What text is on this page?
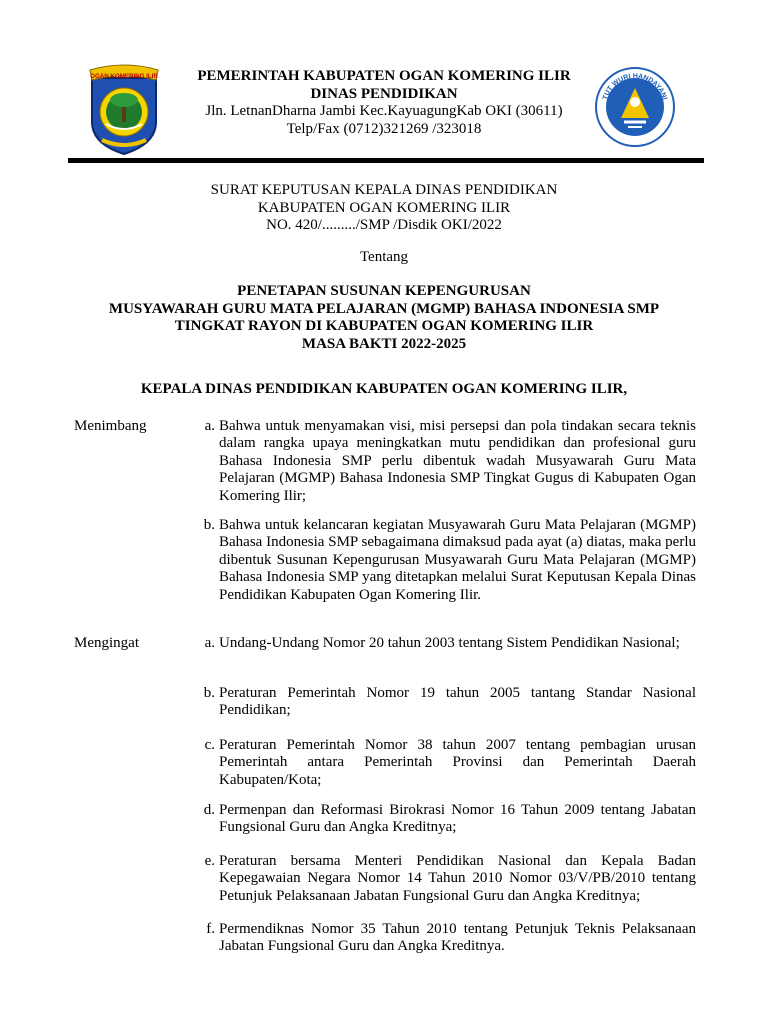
OGAN KOMERING ILIR	PEMERINTAH KABUPATEN OGAN KOMERING ILIR
DINAS PENDIDIKAN
Jln. LetnanDharna Jambi Kec.KayuagungKab OKI (30611)
Telp/Fax (0712)321269 /323018
TUT WURI HANDAYANI
SURAT KEPUTUSAN KEPALA DINAS PENDIDIKAN
KABUPATEN OGAN KOMERING ILIR
NO. 420/........./SMP /Disdik OKI/2022
Tentang
PENETAPAN SUSUNAN KEPENGURUSAN
MUSYAWARAH GURU MATA PELAJARAN (MGMP) BAHASA INDONESIA SMP
TINGKAT RAYON DI KABUPATEN OGAN KOMERING ILIR
MASA BAKTI 2022-2025
KEPALA DINAS PENDIDIKAN KABUPATEN OGAN KOMERING ILIR,
Menimbang	a. Bahwa untuk menyamakan visi, misi persepsi dan pola tindakan secara teknis dalam rangka upaya meningkatkan mutu pendidikan dan profesional guru Bahasa Indonesia SMP perlu dibentuk wadah Musyawarah Guru Mata Pelajaran (MGMP) Bahasa Indonesia SMP Tingkat Gugus di Kabupaten Ogan Komering Ilir;
b. Bahwa untuk kelancaran kegiatan Musyawarah Guru Mata Pelajaran (MGMP) Bahasa Indonesia SMP sebagaimana dimaksud pada ayat (a) diatas, maka perlu dibentuk Susunan Kepengurusan Musyawarah Guru Mata Pelajaran (MGMP) Bahasa Indonesia SMP yang ditetapkan melalui Surat Keputusan Kepala Dinas Pendidikan Kabupaten Ogan Komering Ilir.
Mengingat	a. Undang-Undang Nomor 20 tahun 2003 tentang Sistem Pendidikan Nasional;
b. Peraturan Pemerintah Nomor 19 tahun 2005 tantang Standar Nasional Pendidikan;
c. Peraturan Pemerintah Nomor 38 tahun 2007 tentang pembagian urusan Pemerintah antara Pemerintah Provinsi dan Pemerintah Daerah Kabupaten/Kota;
d. Permenpan dan Reformasi Birokrasi Nomor 16 Tahun 2009 tentang Jabatan Fungsional Guru dan Angka Kreditnya;
e. Peraturan bersama Menteri Pendidikan Nasional dan Kepala Badan Kepegawaian Negara Nomor 14 Tahun 2010 Nomor 03/V/PB/2010 tentang Petunjuk Pelaksanaan Jabatan Fungsional Guru dan Angka Kreditnya;
f. Permendiknas Nomor 35 Tahun 2010 tentang Petunjuk Teknis Pelaksanaan Jabatan Fungsional Guru dan Angka Kreditnya.
